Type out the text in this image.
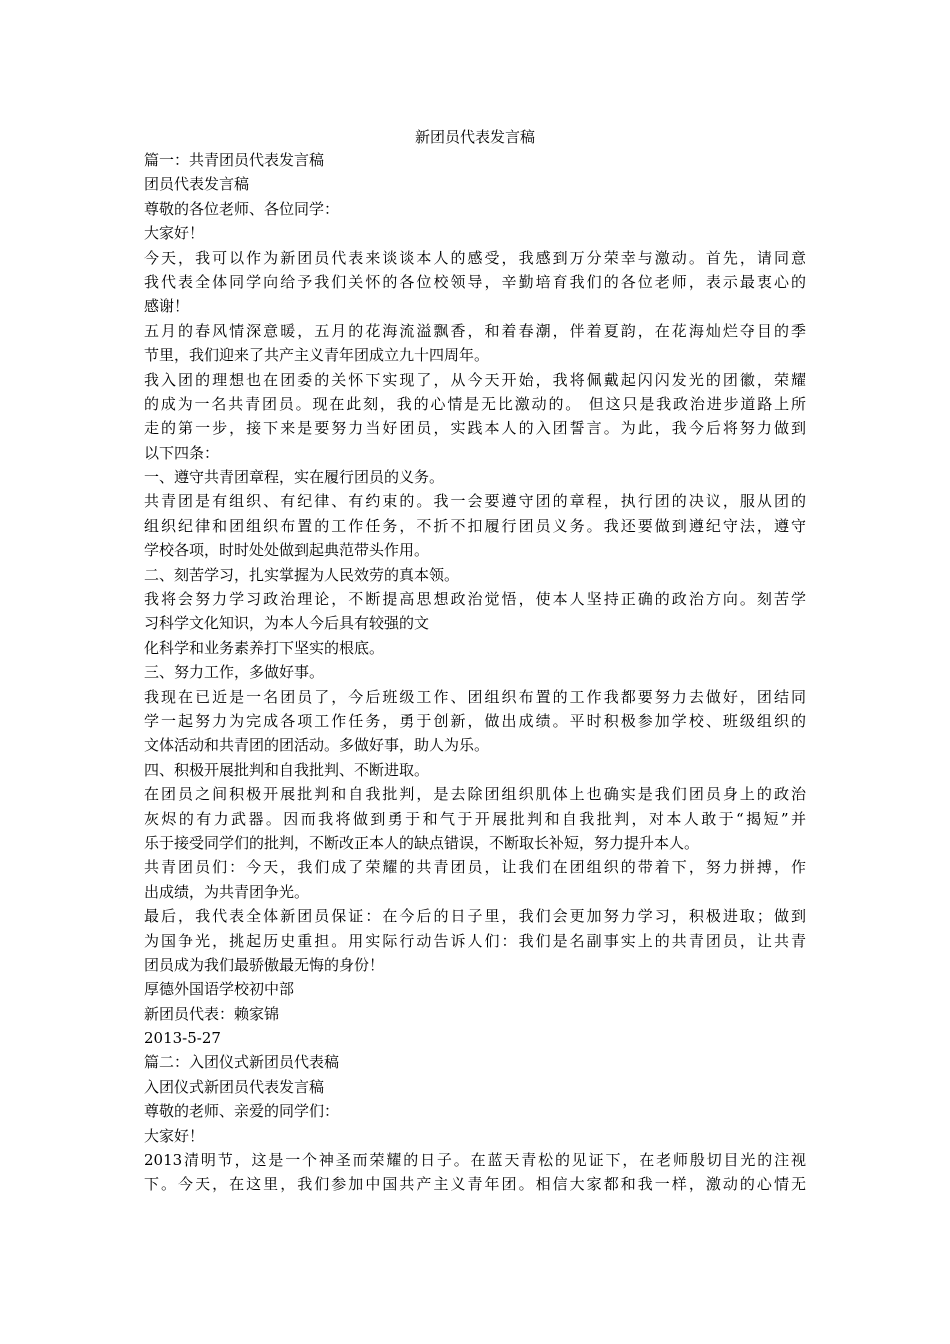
新团员代表发言稿
篇一：共青团员代表发言稿
团员代表发言稿
尊敬的各位老师、各位同学：
大家好！
今天，我可以作为新团员代表来谈谈本人的感受，我感到万分荣幸与激动。首先，请同意
我代表全体同学向给予我们关怀的各位校领导，辛勤培育我们的各位老师，表示最衷心的
感谢！
五月的春风情深意暖，五月的花海流溢飘香，和着春潮，伴着夏韵，在花海灿烂夺目的季
节里，我们迎来了共产主义青年团成立九十四周年。
我入团的理想也在团委的关怀下实现了，从今天开始，我将佩戴起闪闪发光的团徽，荣耀
的成为一名共青团员。现在此刻，我的心情是无比激动的。 但这只是我政治进步道路上所
走的第一步，接下来是要努力当好团员，实践本人的入团誓言。为此，我今后将努力做到
以下四条：
一、遵守共青团章程，实在履行团员的义务。
共青团是有组织、有纪律、有约束的。我一会要遵守团的章程，执行团的决议，服从团的
组织纪律和团组织布置的工作任务，不折不扣履行团员义务。我还要做到遵纪守法，遵守
学校各项，时时处处做到起典范带头作用。
二、刻苦学习，扎实掌握为人民效劳的真本领。
我将会努力学习政治理论，不断提高思想政治觉悟，使本人坚持正确的政治方向。刻苦学
习科学文化知识，为本人今后具有较强的文
化科学和业务素养打下坚实的根底。
三、努力工作，多做好事。
我现在已近是一名团员了，今后班级工作、团组织布置的工作我都要努力去做好，团结同
学一起努力为完成各项工作任务，勇于创新，做出成绩。平时积极参加学校、班级组织的
文体活动和共青团的团活动。多做好事，助人为乐。
四、积极开展批判和自我批判、不断进取。
在团员之间积极开展批判和自我批判，是去除团组织肌体上也确实是我们团员身上的政治
灰烬的有力武器。因而我将做到勇于和气于开展批判和自我批判，对本人敢于“揭短”并
乐于接受同学们的批判，不断改正本人的缺点错误，不断取长补短，努力提升本人。
共青团员们：今天，我们成了荣耀的共青团员，让我们在团组织的带着下，努力拼搏，作
出成绩，为共青团争光。
最后，我代表全体新团员保证：在今后的日子里，我们会更加努力学习，积极进取；做到
为国争光，挑起历史重担。用实际行动告诉人们：我们是名副事实上的共青团员，让共青
团员成为我们最骄傲最无悔的身份！
厚德外国语学校初中部
新团员代表：赖家锦
2013-5-27
篇二：入团仪式新团员代表稿
入团仪式新团员代表发言稿
尊敬的老师、亲爱的同学们：
大家好！
2013清明节，这是一个神圣而荣耀的日子。在蓝天青松的见证下，在老师殷切目光的注视
下。今天，在这里，我们参加中国共产主义青年团。相信大家都和我一样，激动的心情无
